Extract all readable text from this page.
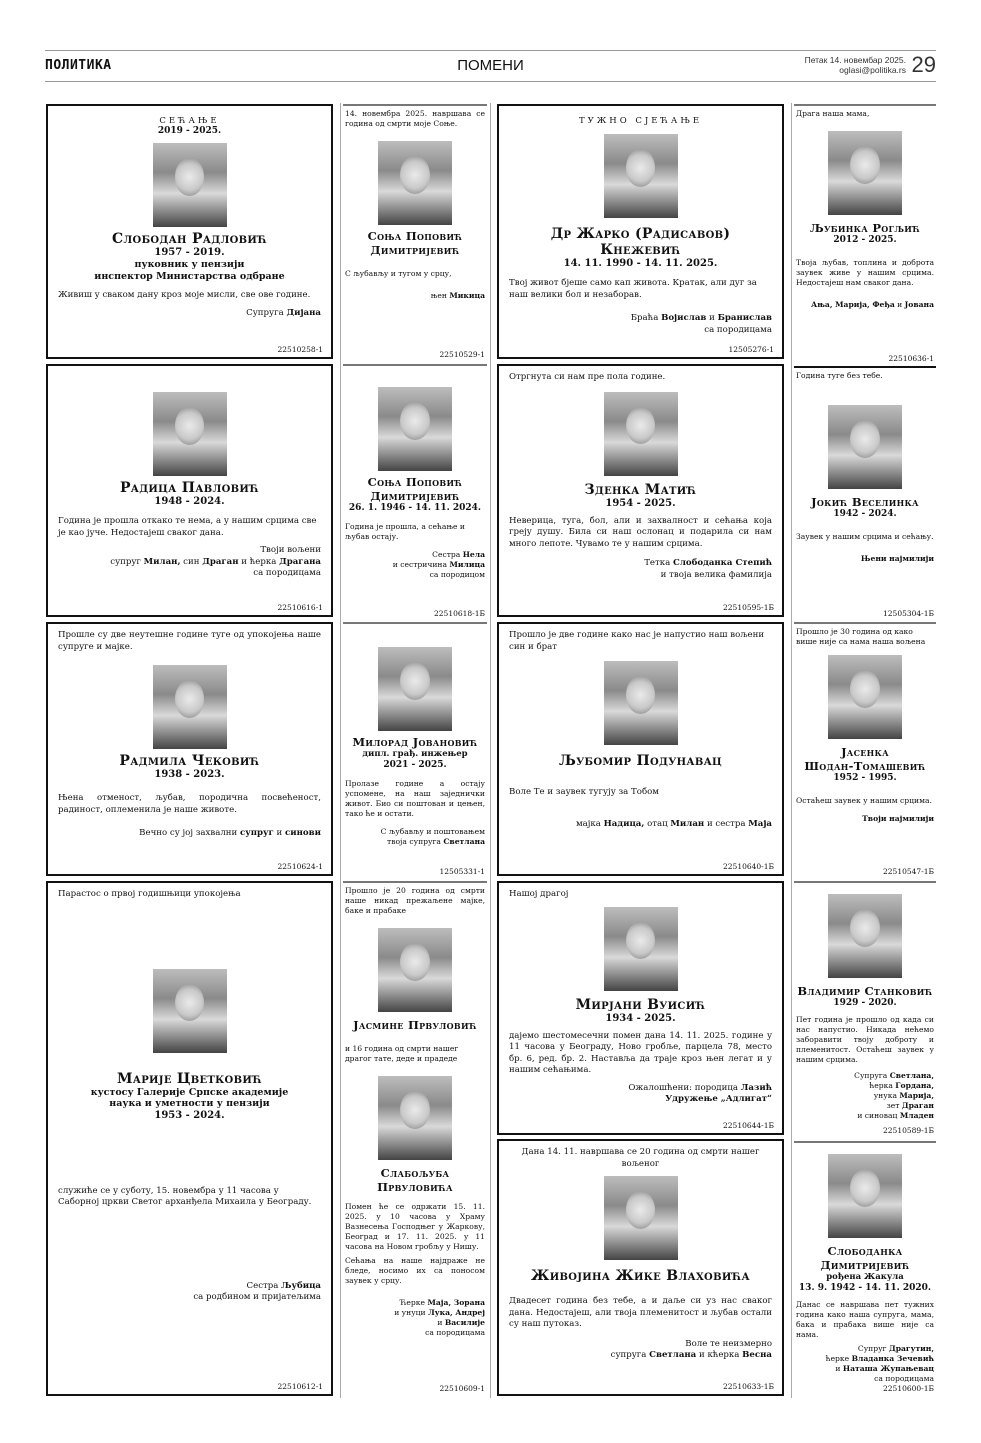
ПОЛИТИКА	ПОМЕНИ	Петак 14. новембар 2025.
oglasi@politika.rs 29
СЕЋАЊЕ
2019 - 2025.
Слободан Радловић
1957 - 2019.
пуковник у пензији
инспектор Министарства одбране
Живиш у сваком дану кроз моје мисли, све ове године.
Супруга Дијана
22510258-1
Радица Павловић
1948 - 2024.
Година је прошла откако те нема, а у нашим срцима све је као јуче. Недостајеш сваког дана.
Твоји вољени
супруг Милан, син Драган и ћерка Драгана
са породицама
22510616-1
Прошле су две неутешне године туге од упокојења наше супруге и мајке.
Радмила Чековић
1938 - 2023.
Њена отменост, љубав, породична посвећеност, радиност, оплеменила је наше животе.
Вечно су јој захвални супруг и синови
22510624-1
Парастос о првој годишњици упокојења
Марије Цветковић
кустосу Галерије Српске академије
наука и уметности у пензији
1953 - 2024.
служиће се у суботу, 15. новембра у 11 часова у Саборној цркви Светог арханђела Михаила у Београду.
Сестра Љубица
са родбином и пријатељима
22510612-1
14. новембра 2025. навршава се година од смрти моје Соње.
Соња Поповић
Димитријевић
С љубављу и тугом у срцу,
њен Микица
22510529-1
Соња Поповић
Димитријевић
26. 1. 1946 - 14. 11. 2024.
Година је прошла, а сећање и љубав остају.
Сестра Нела
и сестричина Милица
са породицом
22510618-1Б
Милорад Јовановић
дипл. грађ. инжењер
2021 - 2025.
Пролазе године а остају успомене, на наш заједнички живот. Био си поштован и цењен, тако ће и остати.
С љубављу и поштовањем
твоја супруга Светлана
12505331-1
Прошло је 20 година од смрти наше никад прежаљене мајке, баке и прабаке
Јасмине Првуловић
и 16 година од смрти нашег драгог тате, деде и прадеде
Слабољуба
Првуловића
Помен ће се одржати 15. 11. 2025. у 10 часова у Храму Вазнесења Господњег у Жаркову, Београд и 17. 11. 2025. у 11 часова на Новом гробљу у Нишу.
Сећања на наше најдраже не бледе, носимо их са поносом заувек у срцу.
Ћерке Маја, Зорана
и унуци Лука, Андреј
и Василије
са породицама
22510609-1
ТУЖНО СЈЕЋАЊЕ
Др Жарко (Радисавов) Кнежевић
14. 11. 1990 - 14. 11. 2025.
Твој живот бјеше само кап живота. Кратак, али дуг за наш велики бол и незаборав.
Браћа Војислав и Бранислав
са породицама
12505276-1
Отргнута си нам пре пола године.
Зденка Матић
1954 - 2025.
Неверица, туга, бол, али и захвалност и сећања која греју душу. Била си наш ослонац и подарила си нам много лепоте. Чувамо те у нашим срцима.
Тетка Слободанка Степић
и твоја велика фамилија
22510595-1Б
Прошло је две године како нас је напустио наш вољени син и брат
Љубомир Подунавац
Воле Те и заувек тугују за Тобом
мајка Надица, отац Милан и сестра Маја
22510640-1Б
Нашој драгој
Мирјани Вуисић
1934 - 2025.
дајемо шестомесечни помен дана 14. 11. 2025. године у 11 часова у Београду, Ново гробље, парцела 78, место бр. 6, ред. бр. 2. Наставља да траје кроз њен легат и у нашим сећањима.
Ожалошћени: породица Лазић
Удружење „Адлигат“
22510644-1Б
Дана 14. 11. навршава се 20 година од смрти нашег вољеног
Живојина Жике Влаховића
Двадесет година без тебе, а и даље си уз нас сваког дана. Недостајеш, али твоја племенитост и љубав остали су наш путоказ.
Воле те неизмерно
супруга Светлана и кћерка Весна
22510633-1Б
Драга наша мама,
Љубинка Рогљић
2012 - 2025.
Твоја љубав, топлина и доброта заувек живе у нашим срцима. Недостаjеш нам сваког дана.
Ања, Марија, Феђа и Јована
22510636-1
Година туге без тебе.
Јокић Веселинка
1942 - 2024.
Заувек у нашим срцима и сећању.
Њени најмилији
12505304-1Б
Прошло је 30 година од како више није са нама наша вољена
Јасенка
Шодан-Томашевић
1952 - 1995.
Остаћеш заувек у нашим срцима.
Твоји најмилији
22510547-1Б
Владимир Станковић
1929 - 2020.
Пет година је прошло од када си нас напустио. Никада нећемо заборавити твоју доброту и племенитост. Остаћеш заувек у нашим срцима.
Супруга Светлана,
ћерка Гордана,
унука Марија,
зет Драган
и синовац Младен
22510589-1Б
Слободанка
Димитријевић
рођена Жакула
13. 9. 1942 - 14. 11. 2020.
Данас се навршава пет тужних година како наша супруга, мама, бака и прабака више није са нама.
Супруг Драгутин,
ћерке Владанка Зечевић
и Наташа Жупањевац
са породицама
22510600-1Б
